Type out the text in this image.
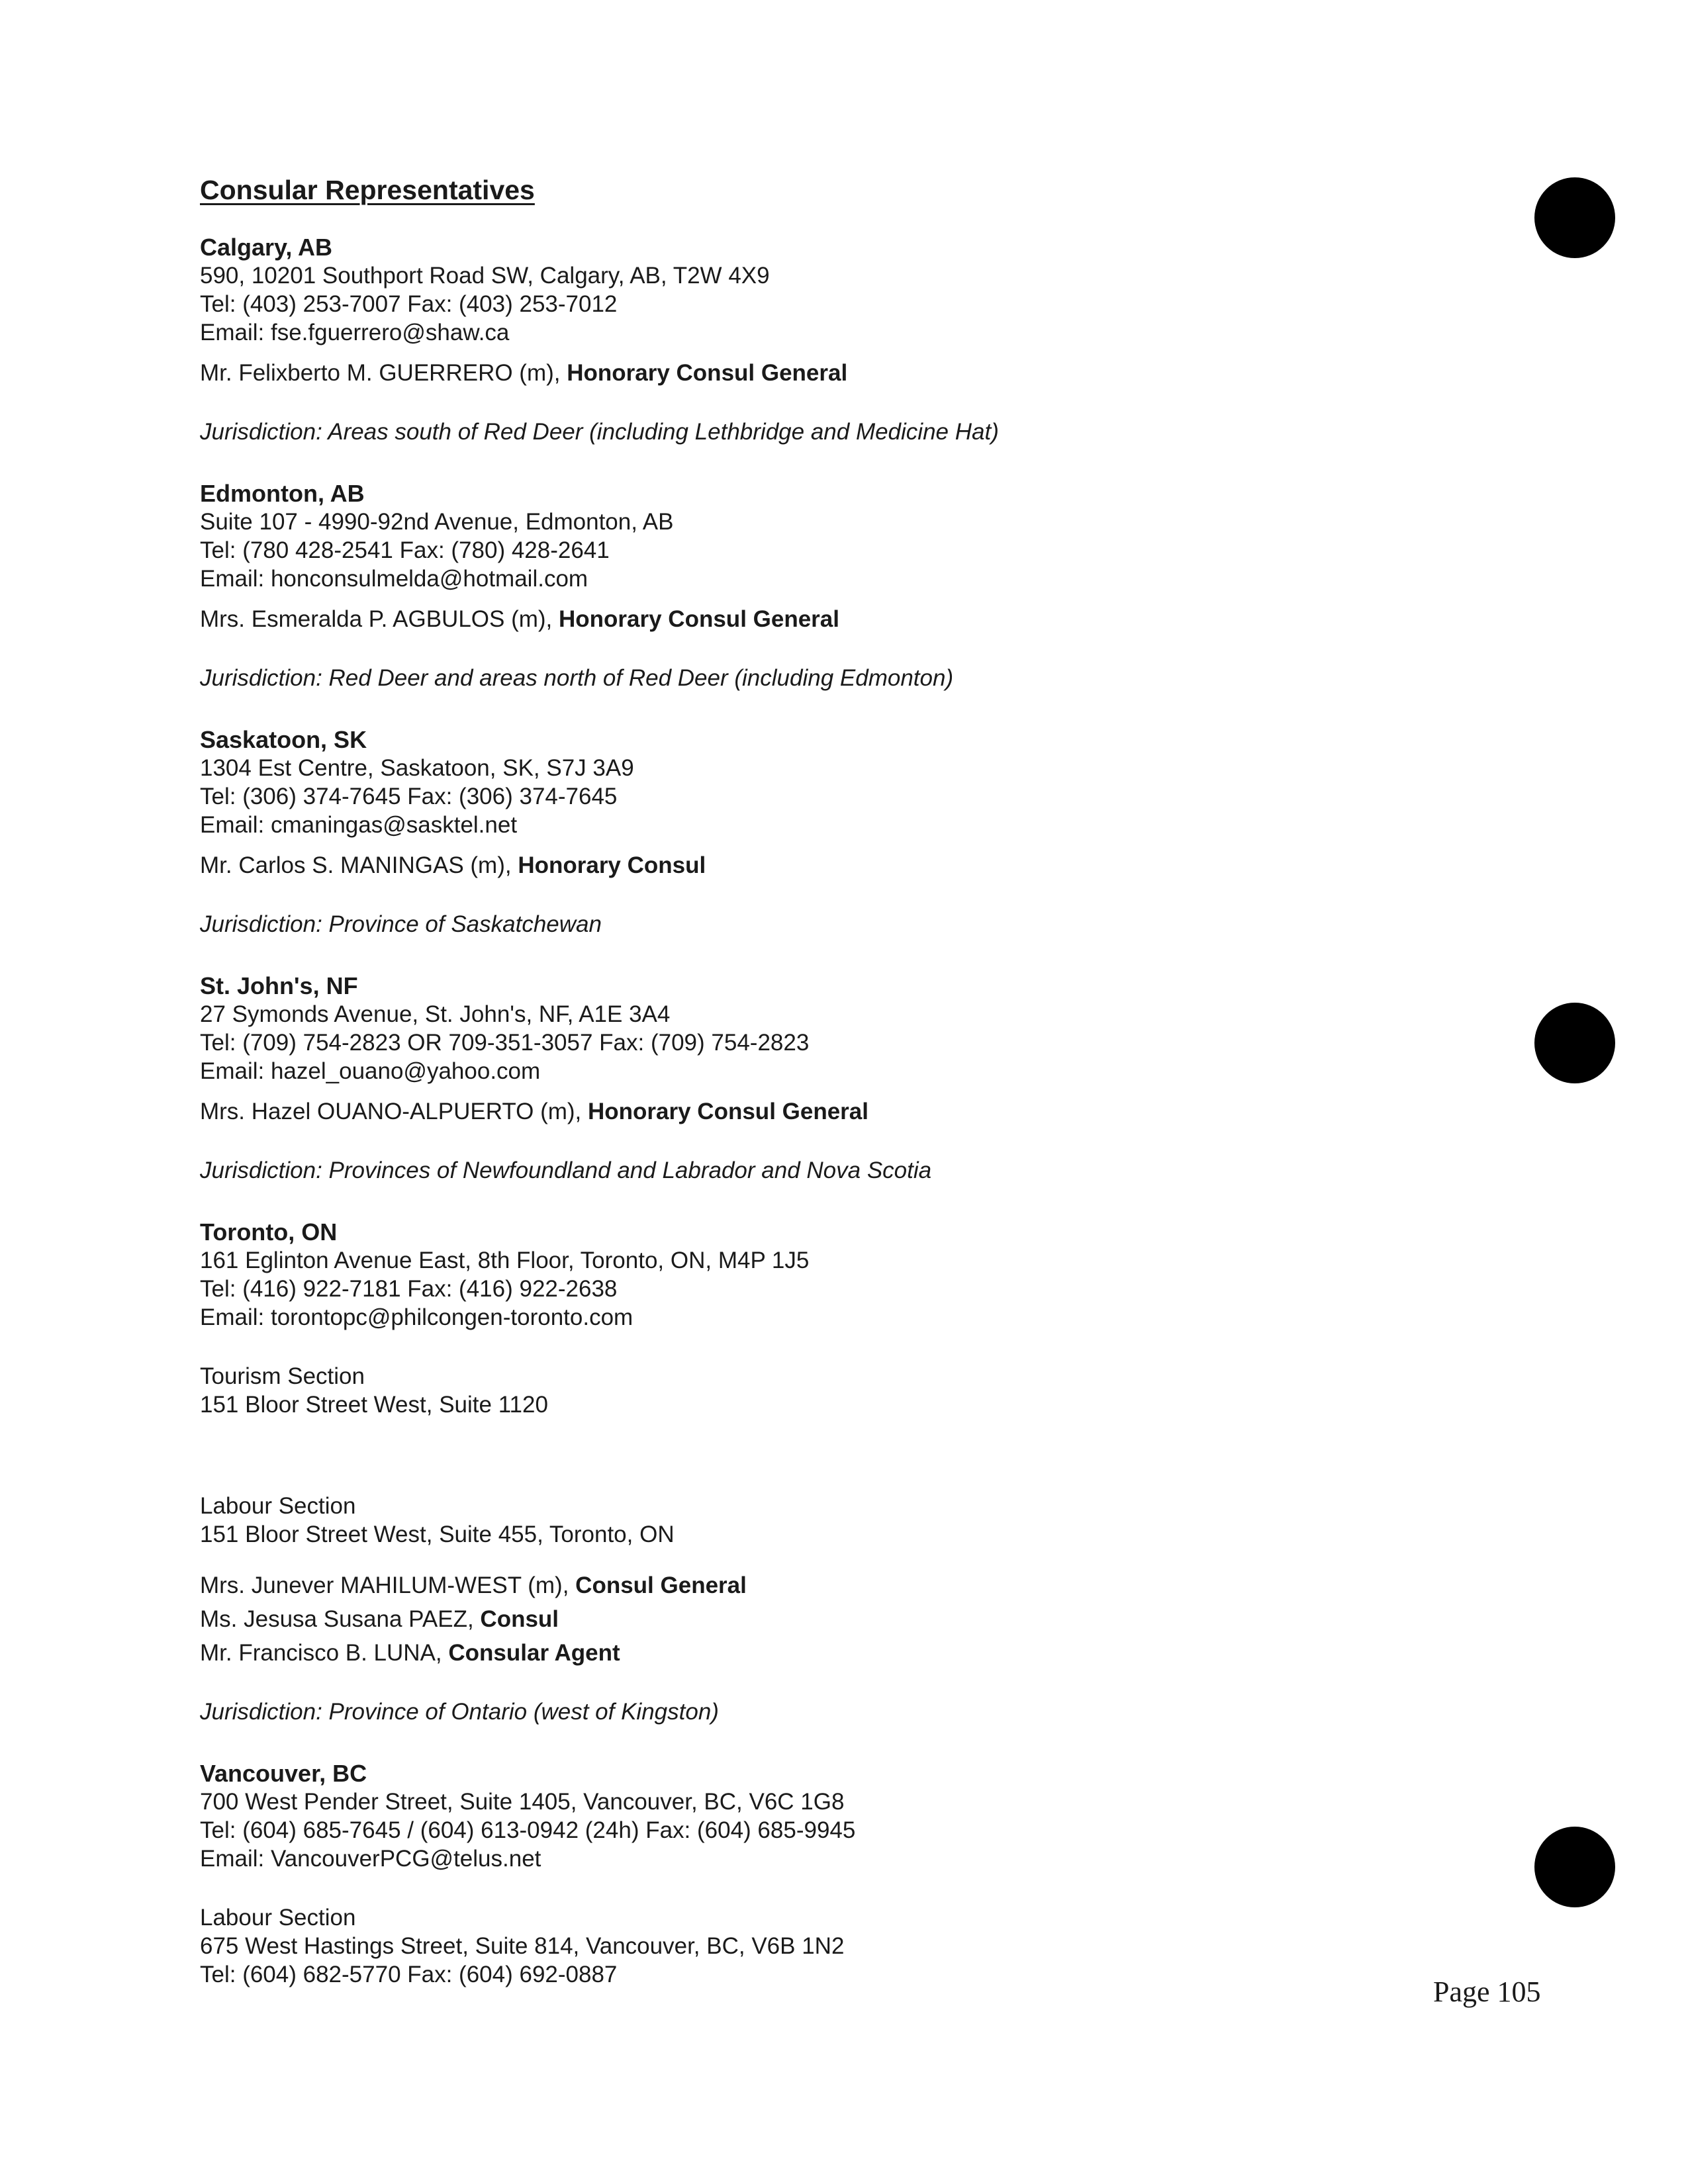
Consular Representatives
Calgary, AB
590, 10201 Southport Road SW, Calgary, AB, T2W 4X9
Tel: (403) 253-7007 Fax: (403) 253-7012
Email: fse.fguerrero@shaw.ca
Mr. Felixberto M. GUERRERO (m), Honorary Consul General
Jurisdiction: Areas south of Red Deer (including Lethbridge and Medicine Hat)
Edmonton, AB
Suite 107 - 4990-92nd Avenue, Edmonton, AB
Tel: (780 428-2541 Fax: (780) 428-2641
Email: honconsulmelda@hotmail.com
Mrs. Esmeralda P. AGBULOS (m), Honorary Consul General
Jurisdiction: Red Deer and areas north of Red Deer (including Edmonton)
Saskatoon, SK
1304 Est Centre, Saskatoon, SK, S7J 3A9
Tel: (306) 374-7645 Fax: (306) 374-7645
Email: cmaningas@sasktel.net
Mr. Carlos S. MANINGAS (m), Honorary Consul
Jurisdiction: Province of Saskatchewan
St. John's, NF
27 Symonds Avenue, St. John's, NF, A1E 3A4
Tel: (709) 754-2823 OR 709-351-3057 Fax: (709) 754-2823
Email: hazel_ouano@yahoo.com
Mrs. Hazel OUANO-ALPUERTO (m), Honorary Consul General
Jurisdiction: Provinces of Newfoundland and Labrador and Nova Scotia
Toronto, ON
161 Eglinton Avenue East, 8th Floor, Toronto, ON, M4P 1J5
Tel: (416) 922-7181 Fax: (416) 922-2638
Email: torontopc@philcongen-toronto.com
Tourism Section
151 Bloor Street West, Suite 1120
Labour Section
151 Bloor Street West, Suite 455, Toronto, ON
Mrs. Junever MAHILUM-WEST (m), Consul General
Ms. Jesusa Susana PAEZ, Consul
Mr. Francisco B. LUNA, Consular Agent
Jurisdiction: Province of Ontario (west of Kingston)
Vancouver, BC
700 West Pender Street, Suite 1405, Vancouver, BC, V6C 1G8
Tel: (604) 685-7645 / (604) 613-0942 (24h) Fax: (604) 685-9945
Email: VancouverPCG@telus.net
Labour Section
675 West Hastings Street, Suite 814, Vancouver, BC, V6B 1N2
Tel: (604) 682-5770 Fax: (604) 692-0887
Page 105
